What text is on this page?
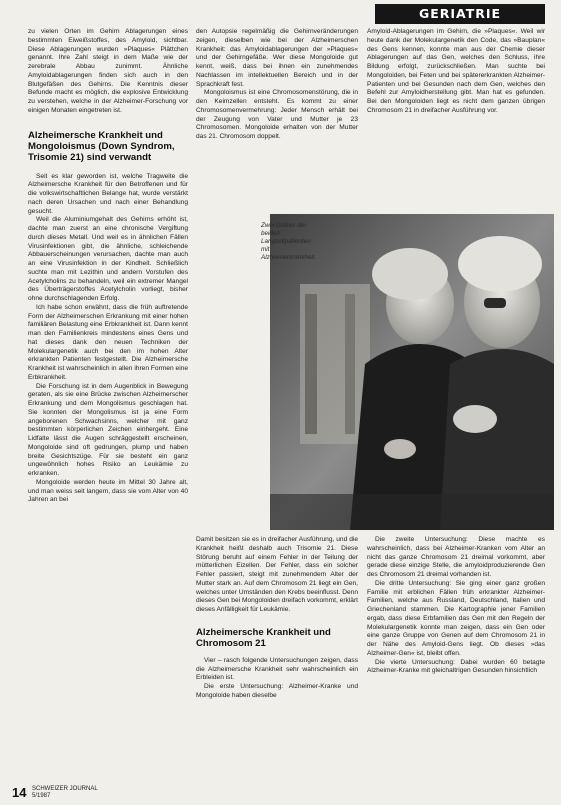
GERIATRIE

zu vielen Orten im Gehirn Ablagerungen eines bestimmten Eiweißstoffes, des Amyloid, sichtbar. Diese Ablagerungen wurden »Plaques« Plättchen genannt. Ihre Zahl steigt in dem Maße wie der zerebrale Abbau zunimmt. Ähnliche Amyloidablagerungen finden sich auch in den Blutgefäßen des Gehirns. Die Kenntnis dieser Befunde macht es möglich, die explosive Entwicklung zu verstehen, welche in der Alzheimer-Forschung vor einigen Monaten eingetreten ist.

Alzheimersche Krankheit und Mongoloismus (Down Syndrom, Trisomie 21) sind verwandt

Seit es klar geworden ist, welche Tragweite die Alzheimersche Krankheit für den Betroffenen und für die volkswirtschaftlichen Belange hat, wurde verstärkt nach deren Ursachen und nach einer Behandlung gesucht.

Weil die Aluminiumgehalt des Gehirns erhöht ist, dachte man zuerst an eine chronische Vergiftung durch dieses Metall. Und weil es in ähnlichen Fällen Virusinfektionen gibt, die ähnliche, schleichende Abbauerscheinungen verursachen, dachte man auch an eine Virusinfektion in der Kindheit. Schließlich suchte man mit Lezithin und andern Vorstufen des Acetylcholins zu behandeln, weil ein extremer Mangel des Überträgerstoffes Acetylcholin vorliegt, bisher ohne durchschlagenden Erfolg.

Ich habe schon erwähnt, dass die früh auftretende Form der Alzheimerschen Erkrankung mit einer hohen familiären Belastung eine Erbkrankheit ist. Dann kennt man den Familienkreis mindestens eines Gens und hat dieses dank den neuen Techniken der Molekulargenetik auch bei den im hohen Alter erkrankten Patienten festgestellt. Die Alzheimersche Krankheit ist wahrscheinlich in allen ihren Formen eine Erbkrankheit.

Die Forschung ist in dem Augenblick in Bewegung geraten, als sie eine Brücke zwischen Alzheimerscher Erkrankung und dem Mongolismus geschlagen hat. Sie konnten der Mongolismus ist ja eine Form angeborenen Schwachsinns, welcher mit ganz bestimmten körperlichen Zeichen einhergeht. Eine Lidfalte lässt die Augen schräggestellt erscheinen, Mongoloide sind oft gedrungen, plump und haben breite Gesichtszüge. Für sie besteht ein ganz ungewöhnlich hohes Risiko an Leukämie zu erkranken.

Mongoloide werden heute im Mittel 30 Jahre alt, und man weiss seit langem, dass sie vom Alter von 40 Jahren an bei

den Autopsie regelmäßig die Gehirnveränderungen zeigen, dieselben wie bei der Alzheimerschen Krankheit: das Amyloidablagerungen der »Plaques« und der Gehirngefäße. Wer diese Mongoloide gut kennt, weiß, dass bei ihnen ein zunehmendes Nachlassen im intellektuellen Bereich und in der Sprachkraft fest.

Mongoloismus ist eine Chromosomenstörung, die in den Keimzellen entsteht. Es kommt zu einer Chromosomenvermehrung: Jeder Mensch erhält bei der Zeugung von Vater und Mutter je 23 Chromosomen. Mongoloide erhalten von der Mutter das 21. Chromosom doppelt.

Amyloid-Ablagerungen im Gehirn, die »Plaques«. Weil wir heute dank der Molekulargenetik den Code, das »Bauplan« des Gens kennen, konnte man aus der Chemie dieser Ablagerungen auf das Gen, welches den Schluss, ihre Bildung erfolgt, zurückschließen. Man suchte bei Mongoloiden, bei Feten und bei spätererkrankten Alzheimer-Patienten und bei Gesunden nach dem Gen, welches den Befehl zur Amyloidherstellung gibt. Man hat es gefunden. Bei den Mongoloiden liegt es nicht dem ganzen übrigen Chromosom 21 in dreifacher Ausführung vor.

Zwei Gräber der beiden Langzeitpatienten mit Alzheimerkrankheit.

Damit besitzen sie es in dreifacher Ausführung, und die Krankheit heißt deshalb auch Trisomie 21. Diese Störung beruht auf einem Fehler in der Teilung der mütterlichen Eizellen. Der Fehler, dass ein solcher Fehler passiert, steigt mit zunehmendem Alter der Mutter stark an. Auf dem Chromosom 21 liegt ein Gen, welches unter Umständen den Krebs beeinflusst. Denn dieses Gen bei Mongoloiden dreifach vorkommt, erklärt dieses Anfälligkeit für Leukämie.

Alzheimersche Krankheit und Chromosom 21

Vier – rasch folgende Untersuchungen zeigen, dass die Alzheimersche Krankheit sehr wahrscheinlich ein Erbleiden ist.

Die erste Untersuchung: Alzheimer-Kranke und Mongoloide haben dieselbe

Die zweite Untersuchung: Diese machte es wahrscheinlich, dass bei Alzheimer-Kranken vom Alter an nicht das ganze Chromosom 21 dreimal vorkommt, aber gerade diese einzige Stelle, die amyloidproduzierende Gen des Chromosom 21 dreimal vorhanden ist.

Die dritte Untersuchung: Sie ging einer ganz großen Familie mit erblichen Fällen früh erkrankter Alzheimer-Familien, welche aus Russland, Deutschland, Italien und Griechenland stammen. Die Kartographie jener Familien ergab, dass diese Erbfamilien das Gen mit den Regeln der Molekulargenetik konnte man zeigen, dass ein Gen oder eine ganze Gruppe von Genen auf dem Chromosom 21 in der Nähe des Amyloid-Gens liegt. Ob dieses »das Alzheimer-Gen« ist, bleibt offen.

Die vierte Untersuchung: Dabei wurden 60 betagte Alzheimer-Kranke mit gleichaltrigen Gesunden hinsichtlich

14 SCHWEIZER JOURNAL
5/1987
